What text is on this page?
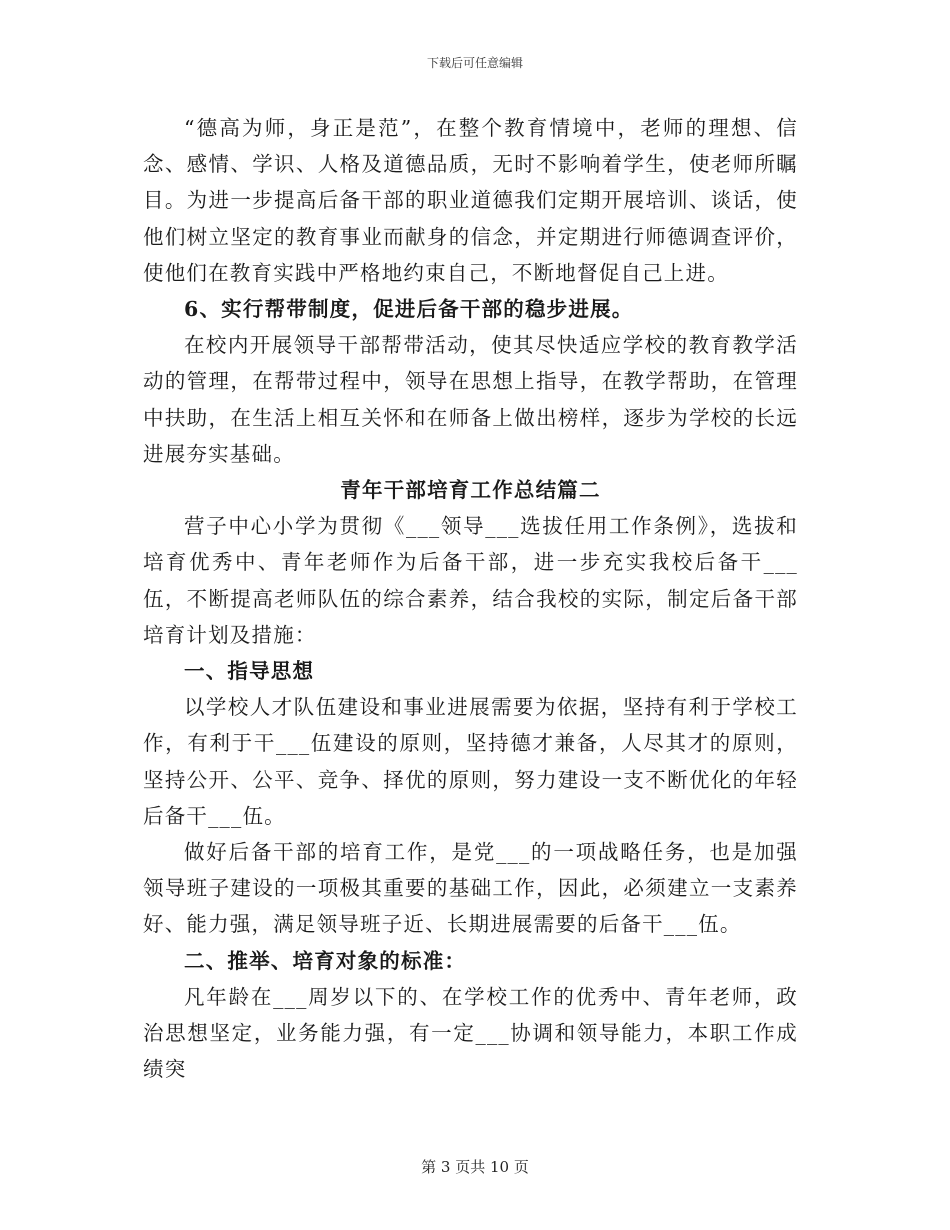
下载后可任意编辑

“德高为师，身正是范”，在整个教育情境中，老师的理想、信念、感情、学识、人格及道德品质，无时不影响着学生，使老师所瞩目。为进一步提高后备干部的职业道德我们定期开展培训、谈话，使他们树立坚定的教育事业而献身的信念，并定期进行师德调查评价，使他们在教育实践中严格地约束自己，不断地督促自己上进。

6、实行帮带制度，促进后备干部的稳步进展。

在校内开展领导干部帮带活动，使其尽快适应学校的教育教学活动的管理，在帮带过程中，领导在思想上指导，在教学帮助，在管理中扶助，在生活上相互关怀和在师备上做出榜样，逐步为学校的长远进展夯实基础。

青年干部培育工作总结篇二

营子中心小学为贯彻《___领导___选拔任用工作条例》，选拔和培育优秀中、青年老师作为后备干部，进一步充实我校后备干___伍，不断提高老师队伍的综合素养，结合我校的实际，制定后备干部培育计划及措施：

一、指导思想

以学校人才队伍建设和事业进展需要为依据，坚持有利于学校工作，有利于干___伍建设的原则，坚持德才兼备，人尽其才的原则，坚持公开、公平、竞争、择优的原则，努力建设一支不断优化的年轻后备干___伍。

做好后备干部的培育工作，是党___的一项战略任务，也是加强领导班子建设的一项极其重要的基础工作，因此，必须建立一支素养好、能力强，满足领导班子近、长期进展需要的后备干___伍。

二、推举、培育对象的标准：

凡年龄在___周岁以下的、在学校工作的优秀中、青年老师，政治思想坚定，业务能力强，有一定___协调和领导能力，本职工作成绩突

第 3 页共 10 页
